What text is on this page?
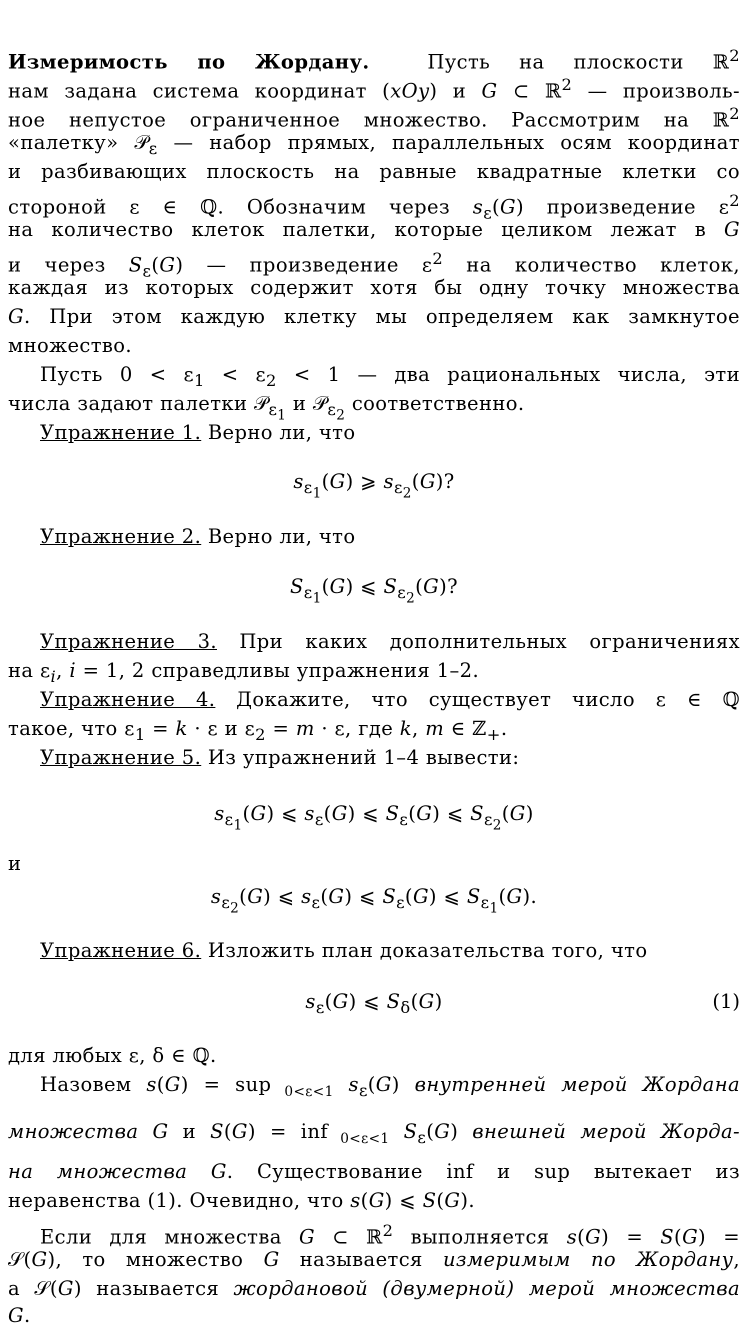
Измеримость по Жордану.  Пусть на плоскости ℝ$^2$
нам задана система координат (xOy) и G ⊂ ℝ$^2$ — произволь-
ное непустое ограниченное множество. Рассмотрим на ℝ$^2$
«палетку» 𝒫$_\varepsilon$ — набор прямых, параллельных осям координат
и разбивающих плоскость на равные квадратные клетки со
стороной ε ∈ ℚ. Обозначим через $s_\varepsilon(G)$ произведение $\varepsilon^2$
на количество клеток палетки, которые целиком лежат в G
и через $S_\varepsilon(G)$ — произведение $\varepsilon^2$ на количество клеток,
каждая из которых содержит хотя бы одну точку множества
G. При этом каждую клетку мы определяем как замкнутое
множество.
Пусть $0 < \varepsilon_1 < \varepsilon_2 < 1$ — два рациональных числа, эти
числа задают палетки 𝒫$_{\varepsilon_1}$ и 𝒫$_{\varepsilon_2}$ соответственно.
Упражнение 1. Верно ли, что
$s_{\varepsilon_1}(G)$ ⩾ $s_{\varepsilon_2}(G)$?
Упражнение 2. Верно ли, что
$S_{\varepsilon_1}(G)$ ⩽ $S_{\varepsilon_2}(G)$?
Упражнение 3. При каких дополнительных ограничениях
на $\varepsilon_i$, i = 1, 2 справедливы упражнения 1–2.
Упражнение 4. Докажите, что существует число ε ∈ ℚ
такое, что $\varepsilon_1 = k \cdot \varepsilon$ и $\varepsilon_2 = m \cdot \varepsilon$, где k, m ∈ ℤ$_+$.
Упражнение 5. Из упражнений 1–4 вывести:
$s_{\varepsilon_1}(G)$ ⩽ $s_\varepsilon(G)$ ⩽ $S_\varepsilon(G)$ ⩽ $S_{\varepsilon_2}(G)$
и
$s_{\varepsilon_2}(G)$ ⩽ $s_\varepsilon(G)$ ⩽ $S_\varepsilon(G)$ ⩽ $S_{\varepsilon_1}(G)$.
Упражнение 6. Изложить план доказательства того, что
$s_\varepsilon(G)$ ⩽ $S_\delta(G)$	(1)
для любых ε, δ ∈ ℚ.
Назовем s(G) = sup $_{0<\varepsilon<1}$ $s_\varepsilon(G)$ внутренней мерой Жордана
множества G и S(G) = inf $_{0<\varepsilon<1}$ $S_\varepsilon(G)$ внешней мерой Жорда-
на множества G. Существование inf и sup вытекает из
неравенства (1). Очевидно, что s(G) ⩽ S(G).
Если для множества G ⊂ ℝ$^2$ выполняется s(G) = S(G) =
𝒮(G), то множество G называется измеримым по Жордану,
а 𝒮(G) называется жордановой (двумерной) мерой множества
G.
